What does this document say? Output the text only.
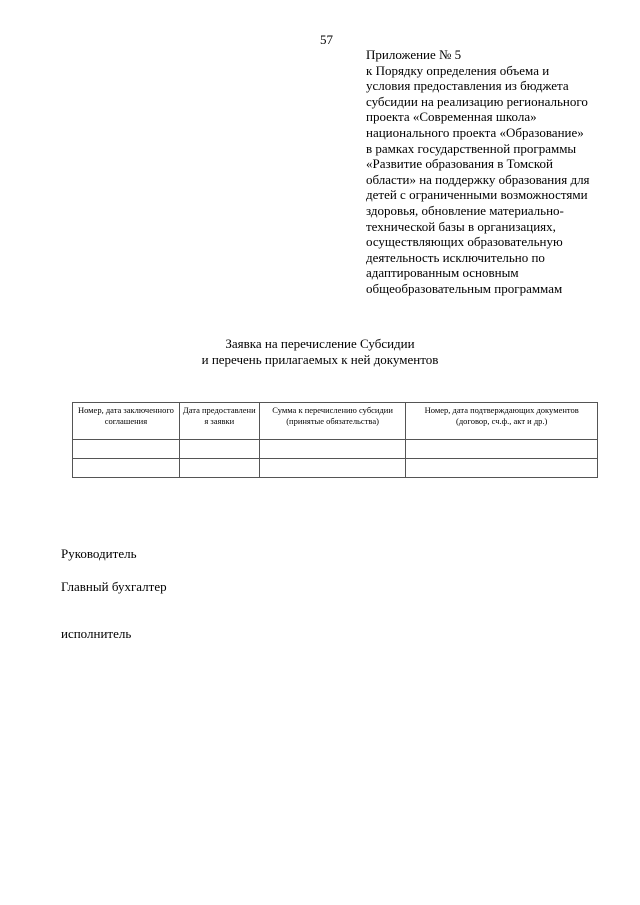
57
Приложение № 5
к Порядку определения объема и
условия предоставления из бюджета
субсидии на реализацию регионального
проекта «Современная школа»
национального проекта «Образование»
в рамках государственной программы
«Развитие образования в Томской
области» на поддержку образования для
детей с ограниченными возможностями
здоровья, обновление материально-
технической базы в организациях,
осуществляющих образовательную
деятельность исключительно по
адаптированным основным
общеобразовательным программам
Заявка на перечисление Субсидии
и перечень прилагаемых к ней документов
Номер, дата заключенного соглашения	Дата предоставлени я заявки	Сумма к перечислению субсидии (принятые обязательства)	Номер, дата подтверждающих документов (договор, сч.ф., акт и др.)

Руководитель
Главный бухгалтер
исполнитель
